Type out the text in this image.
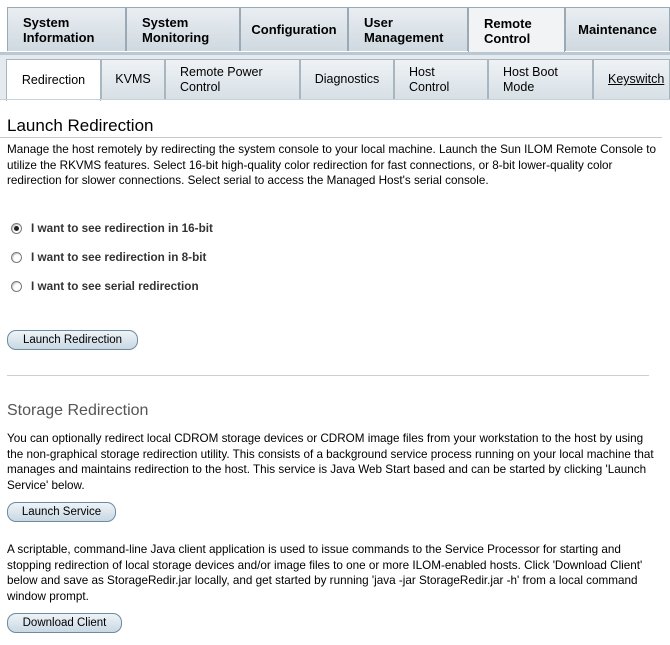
System
Information
System
Monitoring	Configuration	User
Management
Remote
Control
Maintenance
Redirection	KVMS
Remote Power
Control
Diagnostics
Host
Control
Host Boot
Mode
Keyswitch
Launch Redirection

Manage the host remotely by redirecting the system console to your local machine. Launch the Sun ILOM Remote Console to utilize the RKVMS features. Select 16-bit high-quality color redirection for fast connections, or 8-bit lower-quality color redirection for slower connections. Select serial to access the Managed Host's serial console.

I want to see redirection in 16-bit
I want to see redirection in 8-bit
I want to see serial redirection
Launch Redirection
Storage Redirection

You can optionally redirect local CDROM storage devices or CDROM image files from your workstation to the host by using the non-graphical storage redirection utility. This consists of a background service process running on your local machine that manages and maintains redirection to the host. This service is Java Web Start based and can be started by clicking 'Launch Service' below.

Launch Service

A scriptable, command-line Java client application is used to issue commands to the Service Processor for starting and stopping redirection of local storage devices and/or image files to one or more ILOM-enabled hosts. Click 'Download Client' below and save as StorageRedir.jar locally, and get started by running 'java -jar StorageRedir.jar -h' from a local command window prompt.

Download Client
